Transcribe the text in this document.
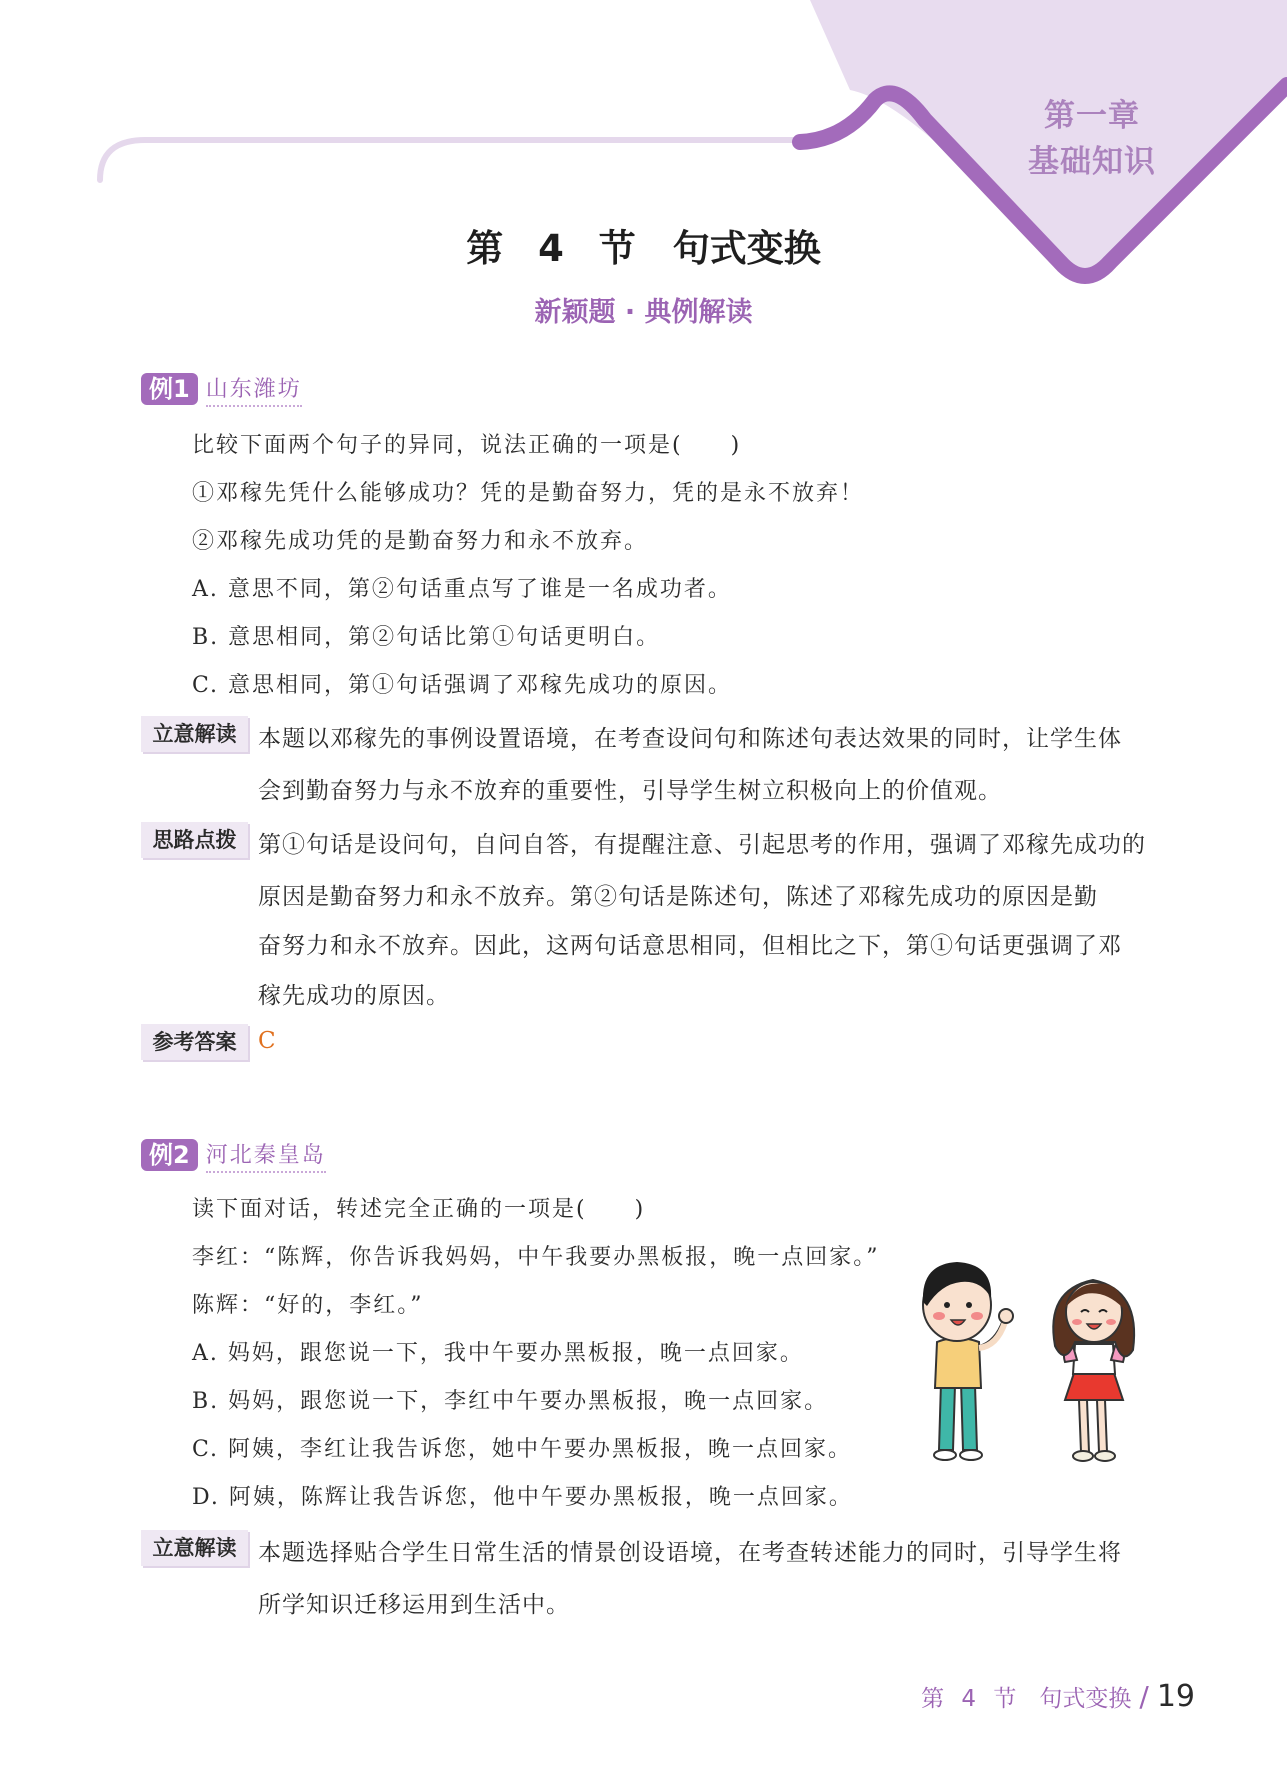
第一章
基础知识
第 4 节　句式变换
新颖题 · 典例解读
例1 山东潍坊
比较下面两个句子的异同，说法正确的一项是(　　)
①邓稼先凭什么能够成功？凭的是勤奋努力，凭的是永不放弃！
②邓稼先成功凭的是勤奋努力和永不放弃。
A. 意思不同，第②句话重点写了谁是一名成功者。
B. 意思相同，第②句话比第①句话更明白。
C. 意思相同，第①句话强调了邓稼先成功的原因。
立意解读 本题以邓稼先的事例设置语境，在考查设问句和陈述句表达效果的同时，让学生体
会到勤奋努力与永不放弃的重要性，引导学生树立积极向上的价值观。
思路点拨 第①句话是设问句，自问自答，有提醒注意、引起思考的作用，强调了邓稼先成功的
原因是勤奋努力和永不放弃。第②句话是陈述句，陈述了邓稼先成功的原因是勤
奋努力和永不放弃。因此，这两句话意思相同，但相比之下，第①句话更强调了邓
稼先成功的原因。
参考答案 C
例2 河北秦皇岛
读下面对话，转述完全正确的一项是(　　)
李红：“陈辉，你告诉我妈妈，中午我要办黑板报，晚一点回家。”
陈辉：“好的，李红。”
A. 妈妈，跟您说一下，我中午要办黑板报，晚一点回家。
B. 妈妈，跟您说一下，李红中午要办黑板报，晚一点回家。
C. 阿姨，李红让我告诉您，她中午要办黑板报，晚一点回家。
D. 阿姨，陈辉让我告诉您，他中午要办黑板报，晚一点回家。
立意解读 本题选择贴合学生日常生活的情景创设语境，在考查转述能力的同时，引导学生将
所学知识迁移运用到生活中。
第 4 节　句式变换 / 19
